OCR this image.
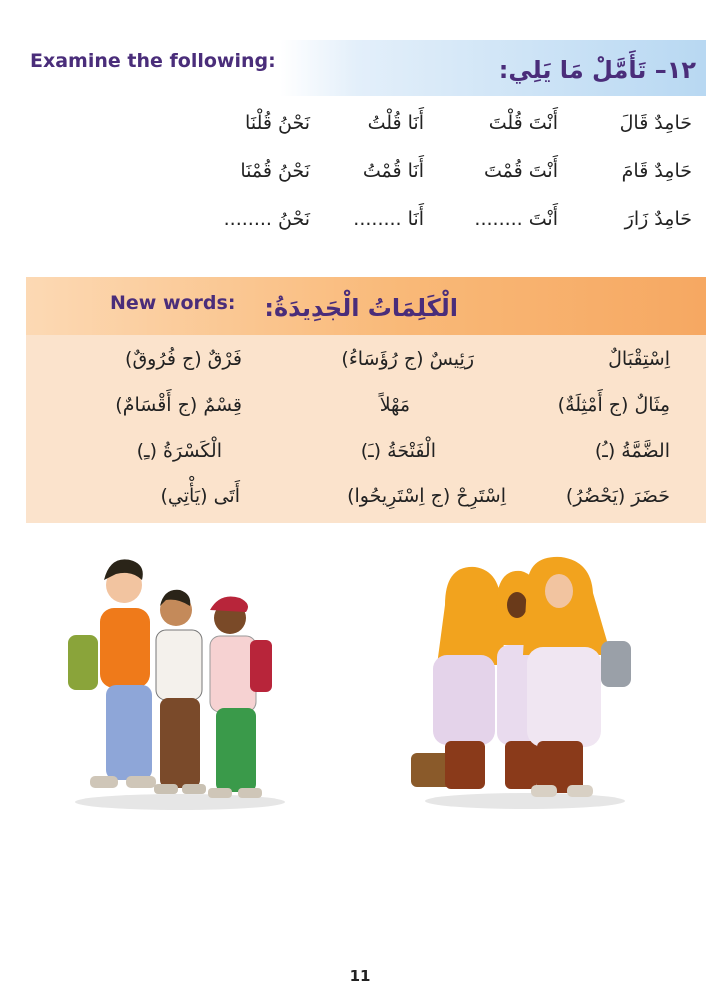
Examine the following:	١٢– تَأَمَّلْ مَا يَلِي:
حَامِدٌ قَالَ
أَنْتَ قُلْتَ
أَنَا قُلْتُ
نَحْنُ قُلْنَا
حَامِدٌ قَامَ
أَنْتَ قُمْتَ
أَنَا قُمْتُ
نَحْنُ قُمْنَا
حَامِدٌ زَارَ
أَنْتَ ........
أَنَا ........
نَحْنُ ........
New words: الْكَلِمَاتُ الْجَدِيدَةُ:
اِسْتِقْبَالٌ
رَئِيسٌ (ج رُؤَسَاءُ)
فَرْقٌ (ج فُرُوقٌ)
مِثَالٌ (ج أَمْثِلَةٌ)
مَهْلاً
قِسْمٌ (ج أَقْسَامٌ)
الضَّمَّةُ (ـُ)
الْفَتْحَةُ (ـَ)
الْكَسْرَةُ (ـِ)
حَضَرَ (يَحْضُرُ)
اِسْتَرِحْ (ج اِسْتَرِيحُوا)
أَتَى (يَأْتِي)
11
